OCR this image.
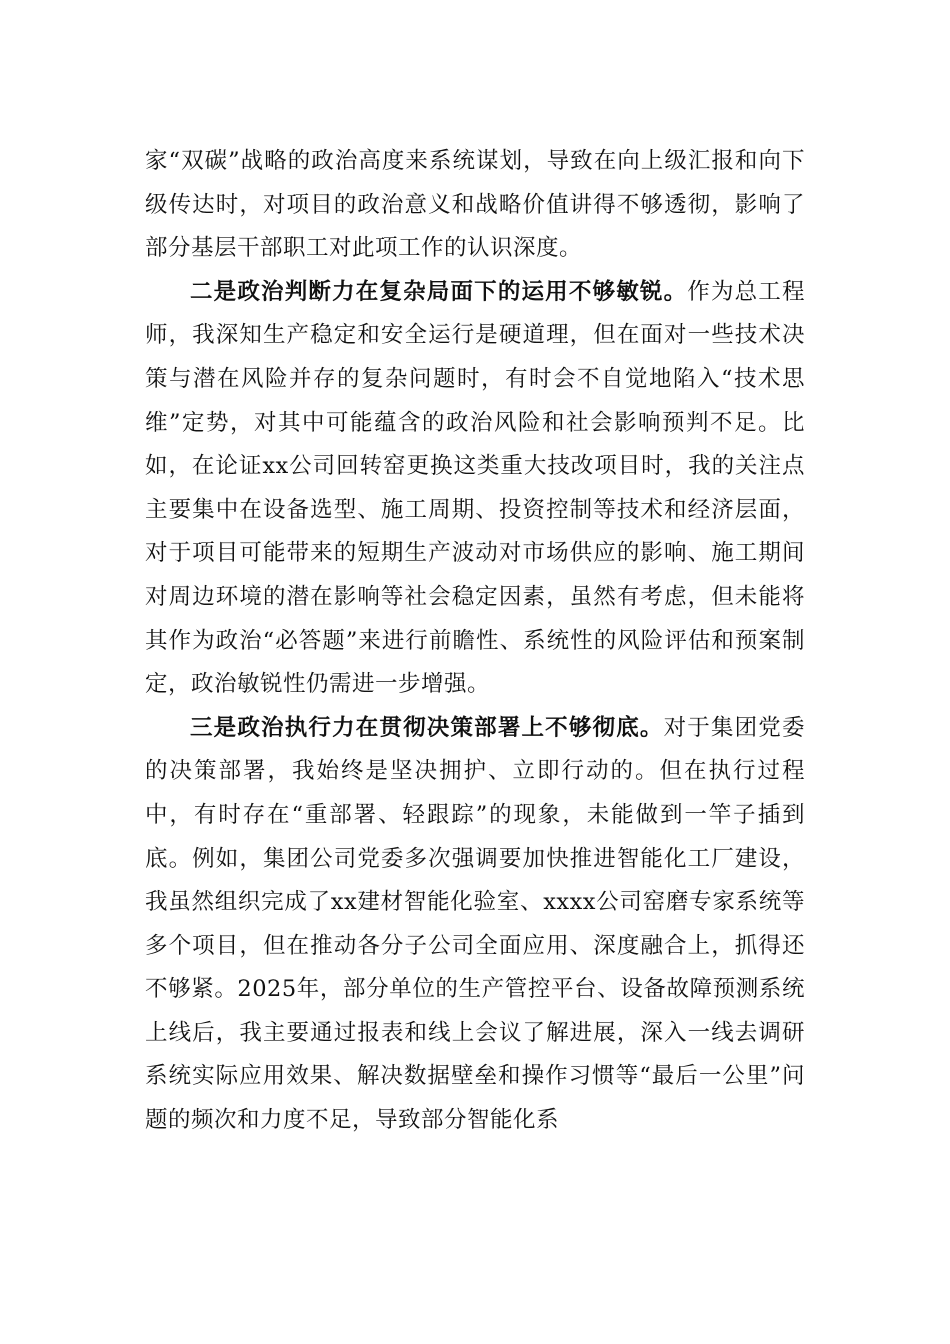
家“双碳”战略的政治高度来系统谋划，导致在向上级汇报和向下级传达时，对项目的政治意义和战略价值讲得不够透彻，影响了部分基层干部职工对此项工作的认识深度。

二是政治判断力在复杂局面下的运用不够敏锐。作为总工程师，我深知生产稳定和安全运行是硬道理，但在面对一些技术决策与潜在风险并存的复杂问题时，有时会不自觉地陷入“技术思维”定势，对其中可能蕴含的政治风险和社会影响预判不足。比如，在论证xx公司回转窑更换这类重大技改项目时，我的关注点主要集中在设备选型、施工周期、投资控制等技术和经济层面，对于项目可能带来的短期生产波动对市场供应的影响、施工期间对周边环境的潜在影响等社会稳定因素，虽然有考虑，但未能将其作为政治“必答题”来进行前瞻性、系统性的风险评估和预案制定，政治敏锐性仍需进一步增强。

三是政治执行力在贯彻决策部署上不够彻底。对于集团党委的决策部署，我始终是坚决拥护、立即行动的。但在执行过程中，有时存在“重部署、轻跟踪”的现象，未能做到一竿子插到底。例如，集团公司党委多次强调要加快推进智能化工厂建设，我虽然组织完成了xx建材智能化验室、xxxx公司窑磨专家系统等多个项目，但在推动各分子公司全面应用、深度融合上，抓得还不够紧。2025年，部分单位的生产管控平台、设备故障预测系统上线后，我主要通过报表和线上会议了解进展，深入一线去调研系统实际应用效果、解决数据壁垒和操作习惯等“最后一公里”问题的频次和力度不足，导致部分智能化系
